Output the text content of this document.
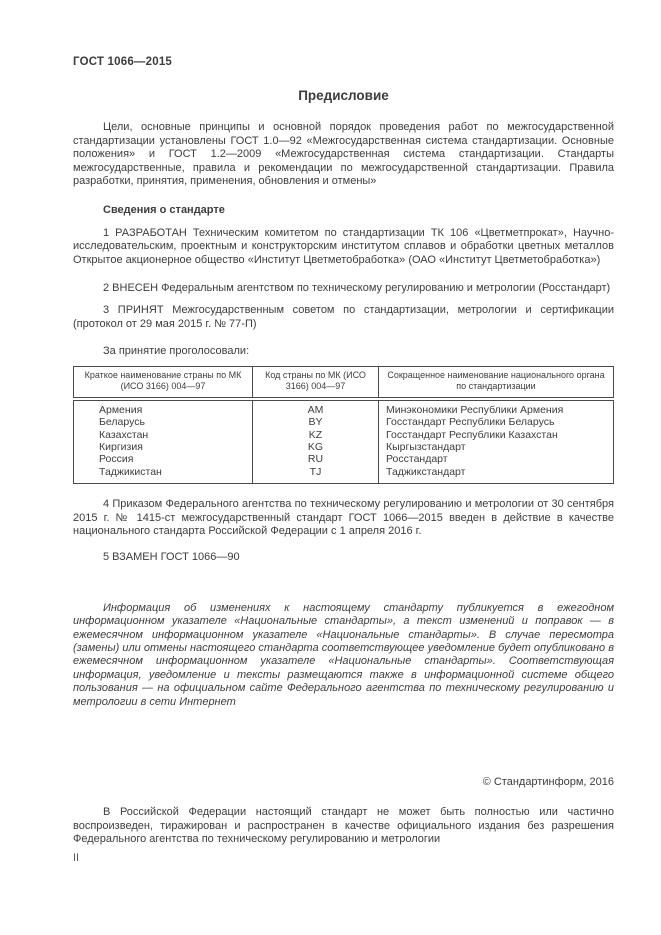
ГОСТ 1066—2015
Предисловие

Цели, основные принципы и основной порядок проведения работ по межгосударственной стандартизации установлены ГОСТ 1.0—92 «Межгосударственная система стандартизации. Основные положения» и ГОСТ 1.2—2009 «Межгосударственная система стандартизации. Стандарты межгосударственные, правила и рекомендации по межгосударственной стандартизации. Правила разработки, принятия, применения, обновления и отмены»

Сведения о стандарте

1 РАЗРАБОТАН Техническим комитетом по стандартизации ТК 106 «Цветметпрокат», Научно-исследовательским, проектным и конструкторским институтом сплавов и обработки цветных металлов Открытое акционерное общество «Институт Цветметобработка» (ОАО «Институт Цветметобработка»)

2 ВНЕСЕН Федеральным агентством по техническому регулированию и метрологии (Росстандарт)

3 ПРИНЯТ Межгосударственным советом по стандартизации, метрологии и сертификации (протокол от 29 мая 2015 г. № 77-П)

За принятие проголосовали:

Краткое наименование страны по МК (ИСО 3166) 004—97	Код страны по МК (ИСО 3166) 004—97	Сокращенное наименование национального органа по стандартизации
Армения	AM	Минэкономики Республики Армения
Беларусь	BY	Госстандарт Республики Беларусь
Казахстан	KZ	Госстандарт Республики Казахстан
Киргизия	KG	Кыргызстандарт
Россия	RU	Росстандарт
Таджикистан	TJ	Таджикстандарт

4 Приказом Федерального агентства по техническому регулированию и метрологии от 30 сентября 2015 г. № 1415-ст межгосударственный стандарт ГОСТ 1066—2015 введен в действие в качестве национального стандарта Российской Федерации с 1 апреля 2016 г.

5 ВЗАМЕН ГОСТ 1066—90

Информация об изменениях к настоящему стандарту публикуется в ежегодном информационном указателе «Национальные стандарты», а текст изменений и поправок — в ежемесячном информационном указателе «Национальные стандарты». В случае пересмотра (замены) или отмены настоящего стандарта соответствующее уведомление будет опубликовано в ежемесячном информационном указателе «Национальные стандарты». Соответствующая информация, уведомление и тексты размещаются также в информационной системе общего пользования — на официальном сайте Федерального агентства по техническому регулированию и метрологии в сети Интернет

© Стандартинформ, 2016

В Российской Федерации настоящий стандарт не может быть полностью или частично воспроизведен, тиражирован и распространен в качестве официального издания без разрешения Федерального агентства по техническому регулированию и метрологии

II
